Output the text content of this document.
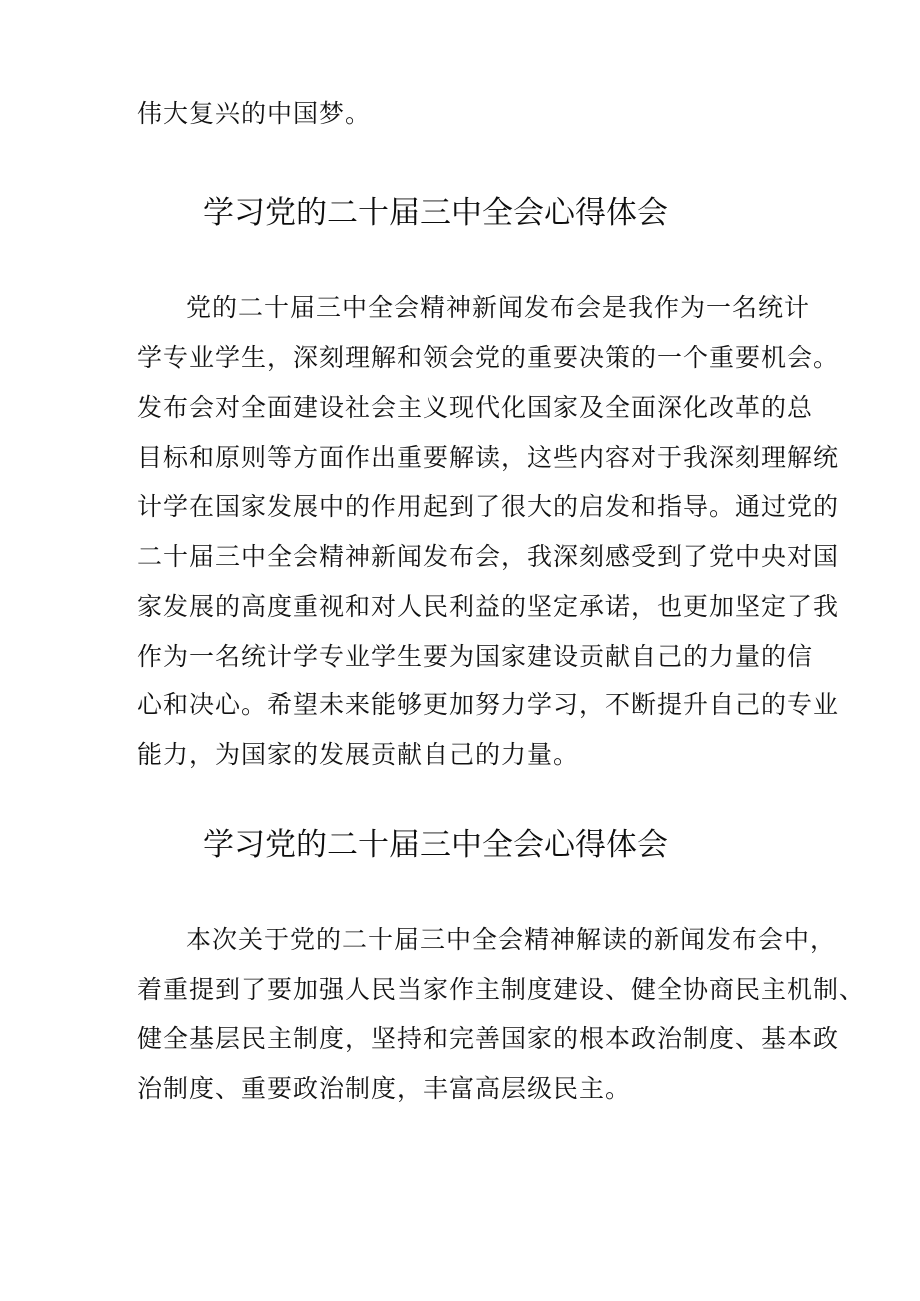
伟大复兴的中国梦。
学习党的二十届三中全会心得体会
党的二十届三中全会精神新闻发布会是我作为一名统计
学专业学生，深刻理解和领会党的重要决策的一个重要机会。
发布会对全面建设社会主义现代化国家及全面深化改革的总
目标和原则等方面作出重要解读，这些内容对于我深刻理解统
计学在国家发展中的作用起到了很大的启发和指导。通过党的
二十届三中全会精神新闻发布会，我深刻感受到了党中央对国
家发展的高度重视和对人民利益的坚定承诺，也更加坚定了我
作为一名统计学专业学生要为国家建设贡献自己的力量的信
心和决心。希望未来能够更加努力学习，不断提升自己的专业
能力，为国家的发展贡献自己的力量。
学习党的二十届三中全会心得体会
本次关于党的二十届三中全会精神解读的新闻发布会中，
着重提到了要加强人民当家作主制度建设、健全协商民主机制、
健全基层民主制度，坚持和完善国家的根本政治制度、基本政
治制度、重要政治制度，丰富高层级民主。
